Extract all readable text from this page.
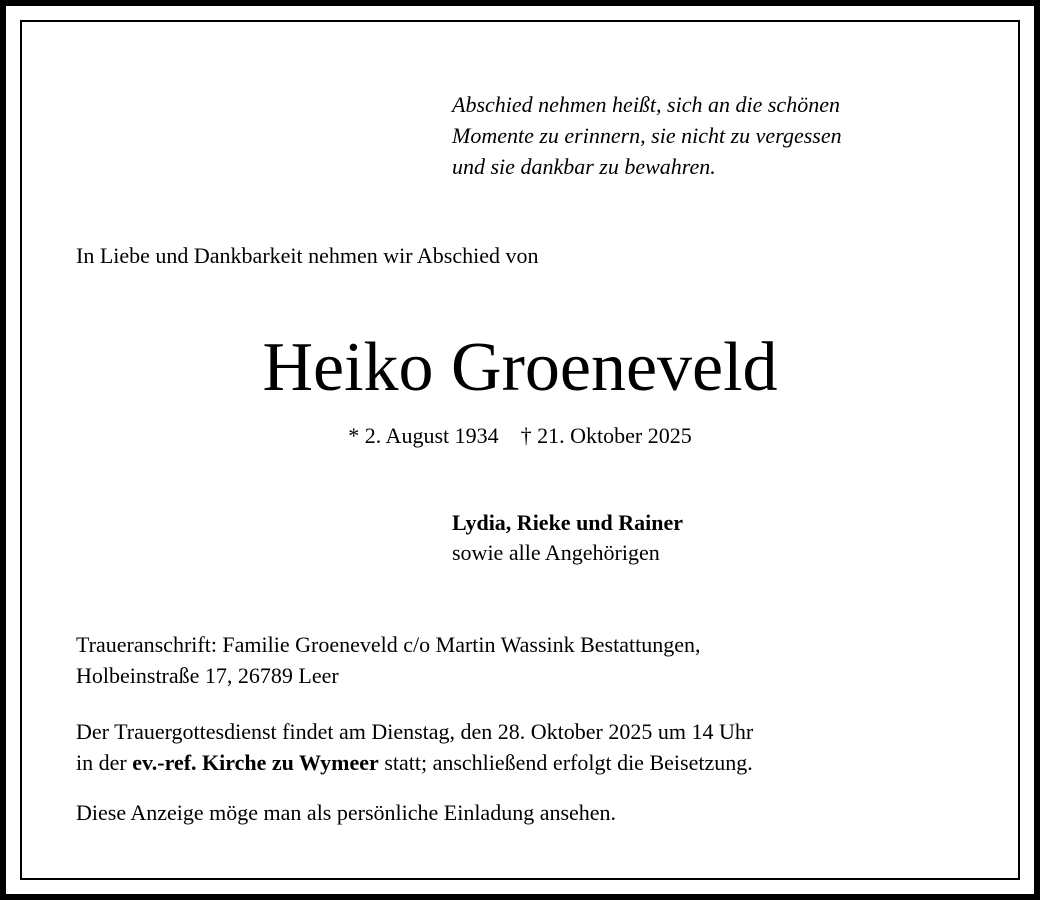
Abschied nehmen heißt, sich an die schönen
Momente zu erinnern, sie nicht zu vergessen
und sie dankbar zu bewahren.
In Liebe und Dankbarkeit nehmen wir Abschied von
Heiko Groeneveld
* 2. August 1934 † 21. Oktober 2025
Lydia, Rieke und Rainer
sowie alle Angehörigen
Traueranschrift: Familie Groeneveld c/o Martin Wassink Bestattungen,
Holbeinstraße 17, 26789 Leer
Der Trauergottesdienst findet am Dienstag, den 28. Oktober 2025 um 14 Uhr
in der ev.-ref. Kirche zu Wymeer statt; anschließend erfolgt die Beisetzung.
Diese Anzeige möge man als persönliche Einladung ansehen.
